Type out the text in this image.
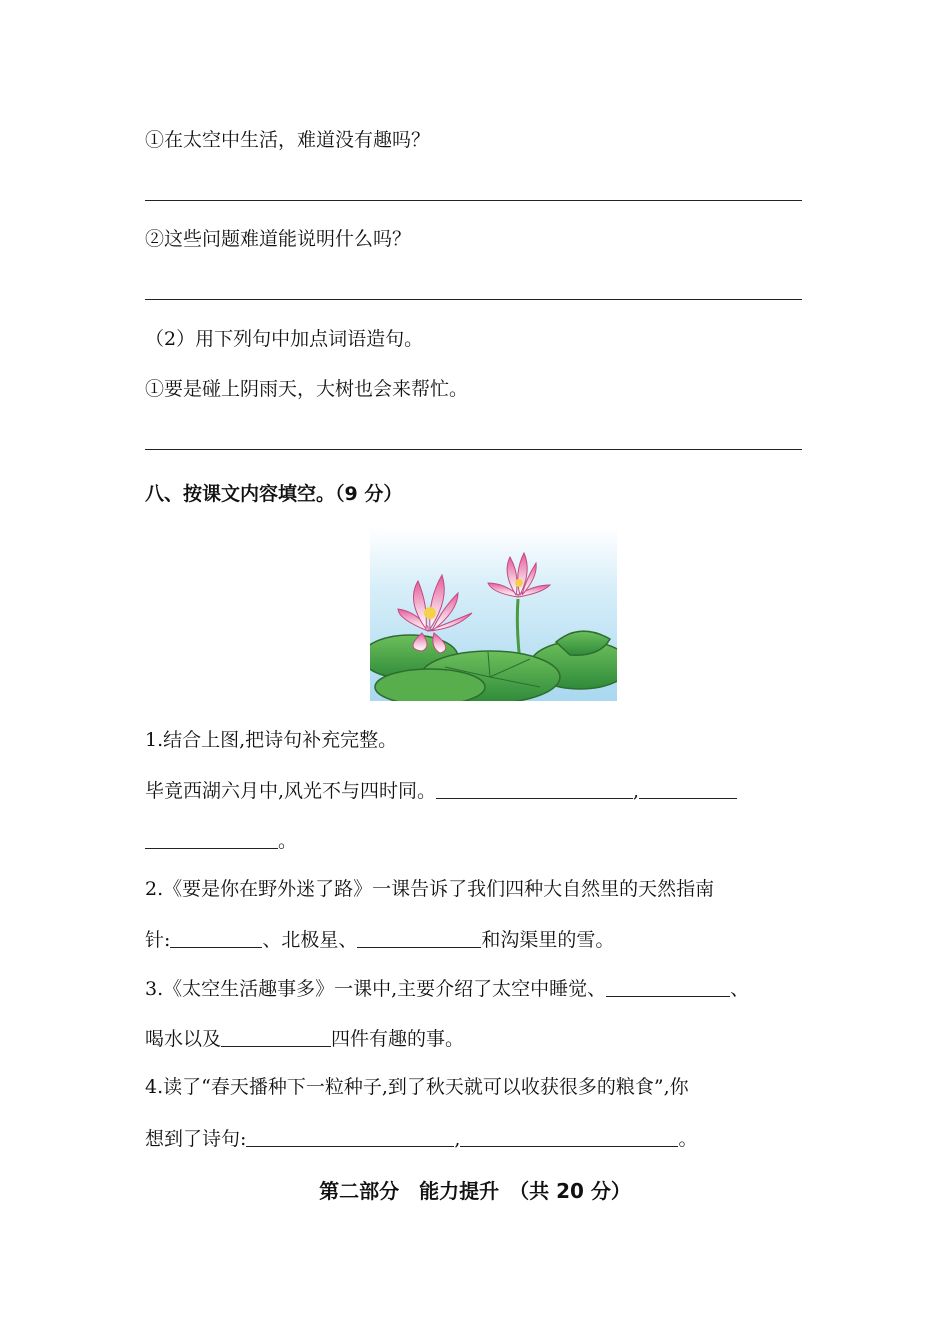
①在太空中生活，难道没有趣吗？
②这些问题难道能说明什么吗？
（2）用下列句中加点词语造句。
①要是碰上阴雨天，大树也会来帮忙。
八、按课文内容填空。（9 分）
1.结合上图,把诗句补充完整。
毕竟西湖六月中,风光不与四时同。	,
。
2.《要是你在野外迷了路》一课告诉了我们四种大自然里的天然指南
针:	、北极星、	和沟渠里的雪。
3.《太空生活趣事多》一课中,主要介绍了太空中睡觉、	、
喝水以及	四件有趣的事。
4.读了“春天播种下一粒种子,到了秋天就可以收获很多的粮食”,你
想到了诗句:	,	。
第二部分　能力提升　（共 20 分）
